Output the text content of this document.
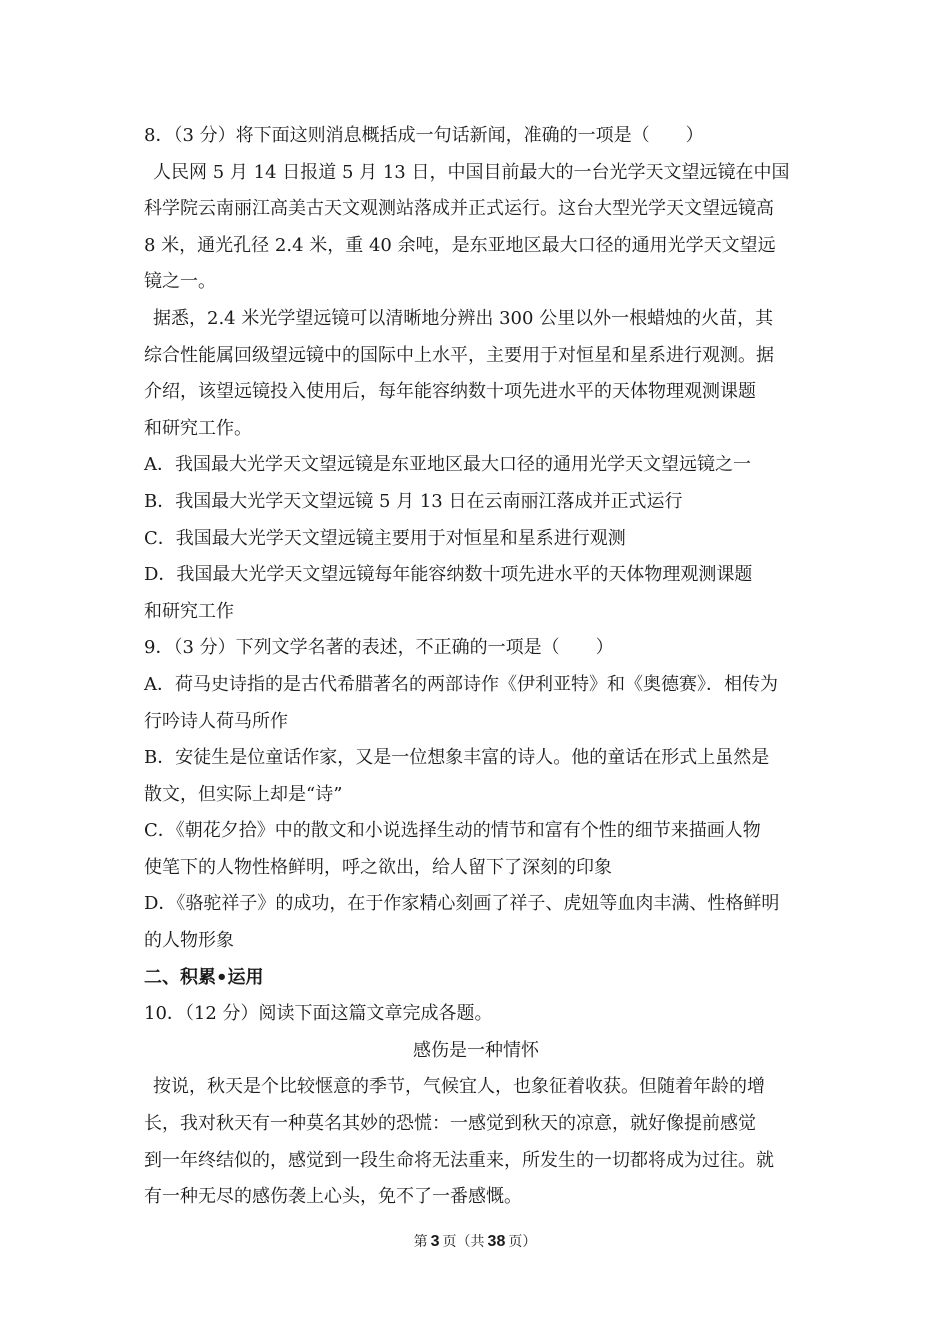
8．（3 分）将下面这则消息概括成一句话新闻，准确的一项是（　　）
人民网 5 月 14 日报道 5 月 13 日，中国目前最大的一台光学天文望远镜在中国
科学院云南丽江高美古天文观测站落成并正式运行。这台大型光学天文望远镜高
8 米，通光孔径 2.4 米，重 40 余吨，是东亚地区最大口径的通用光学天文望远
镜之一。
据悉，2.4 米光学望远镜可以清晰地分辨出 300 公里以外一根蜡烛的火苗，其
综合性能属回级望远镜中的国际中上水平，主要用于对恒星和星系进行观测。据
介绍，该望远镜投入使用后，每年能容纳数十项先进水平的天体物理观测课题
和研究工作。
A．我国最大光学天文望远镜是东亚地区最大口径的通用光学天文望远镜之一
B．我国最大光学天文望远镜 5 月 13 日在云南丽江落成并正式运行
C．我国最大光学天文望远镜主要用于对恒星和星系进行观测
D．我国最大光学天文望远镜每年能容纳数十项先进水平的天体物理观测课题
和研究工作
9．（3 分）下列文学名著的表述，不正确的一项是（　　）
A．荷马史诗指的是古代希腊著名的两部诗作《伊利亚特》和《奥德赛》．相传为
行吟诗人荷马所作
B．安徒生是位童话作家，又是一位想象丰富的诗人。他的童话在形式上虽然是
散文，但实际上却是“诗”
C．《朝花夕拾》中的散文和小说选择生动的情节和富有个性的细节来描画人物
使笔下的人物性格鲜明，呼之欲出，给人留下了深刻的印象
D．《骆驼祥子》的成功，在于作家精心刻画了祥子、虎妞等血肉丰满、性格鲜明
的人物形象
二、积累•运用
10．（12 分）阅读下面这篇文章完成各题。
感伤是一种情怀
按说，秋天是个比较惬意的季节，气候宜人，也象征着收获。但随着年龄的增
长，我对秋天有一种莫名其妙的恐慌：一感觉到秋天的凉意，就好像提前感觉
到一年终结似的，感觉到一段生命将无法重来，所发生的一切都将成为过往。就
有一种无尽的感伤袭上心头，免不了一番感慨。
第 3 页（共 38 页）
